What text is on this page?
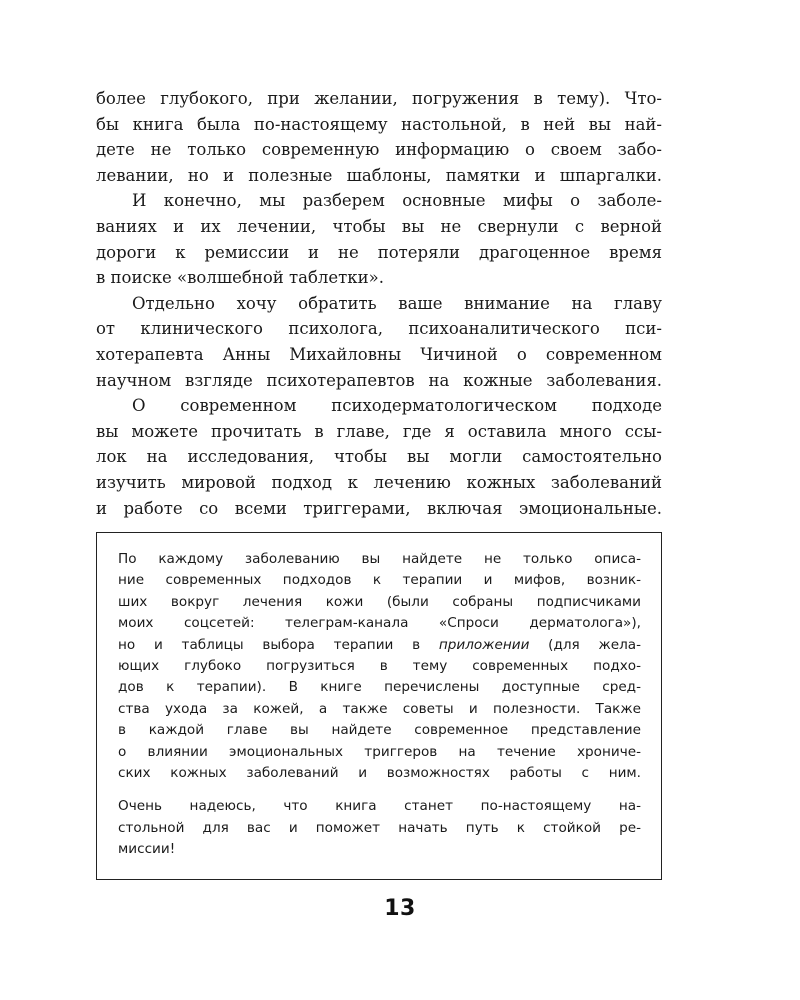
более глубокого, при желании, погружения в тему). Что-
бы книга была по-настоящему настольной, в ней вы най-
дете не только современную информацию о своем забо-
левании, но и полезные шаблоны, памятки и шпаргалки.
И конечно, мы разберем основные мифы о заболе-
ваниях и их лечении, чтобы вы не свернули с верной
дороги к ремиссии и не потеряли драгоценное время
в поиске «волшебной таблетки».
Отдельно хочу обратить ваше внимание на главу
от клинического психолога, психоаналитического пси-
хотерапевта Анны Михайловны Чичиной о современном
научном взгляде психотерапевтов на кожные заболевания.
О современном психодерматологическом подходе
вы можете прочитать в главе, где я оставила много ссы-
лок на исследования, чтобы вы могли самостоятельно
изучить мировой подход к лечению кожных заболеваний
и работе со всеми триггерами, включая эмоциональные.
По каждому заболеванию вы найдете не только описа-
ние современных подходов к терапии и мифов, возник-
ших вокруг лечения кожи (были собраны подписчиками
моих соцсетей: телеграм-канала «Спроси дерматолога»),
но и таблицы выбора терапии в приложении (для жела-
ющих глубоко погрузиться в тему современных подхо-
дов к терапии). В книге перечислены доступные сред-
ства ухода за кожей, а также советы и полезности. Также
в каждой главе вы найдете современное представление
о влиянии эмоциональных триггеров на течение хрониче-
ских кожных заболеваний и возможностях работы с ним.
Очень надеюсь, что книга станет по-настоящему на-
стольной для вас и поможет начать путь к стойкой ре-
миссии!
13
